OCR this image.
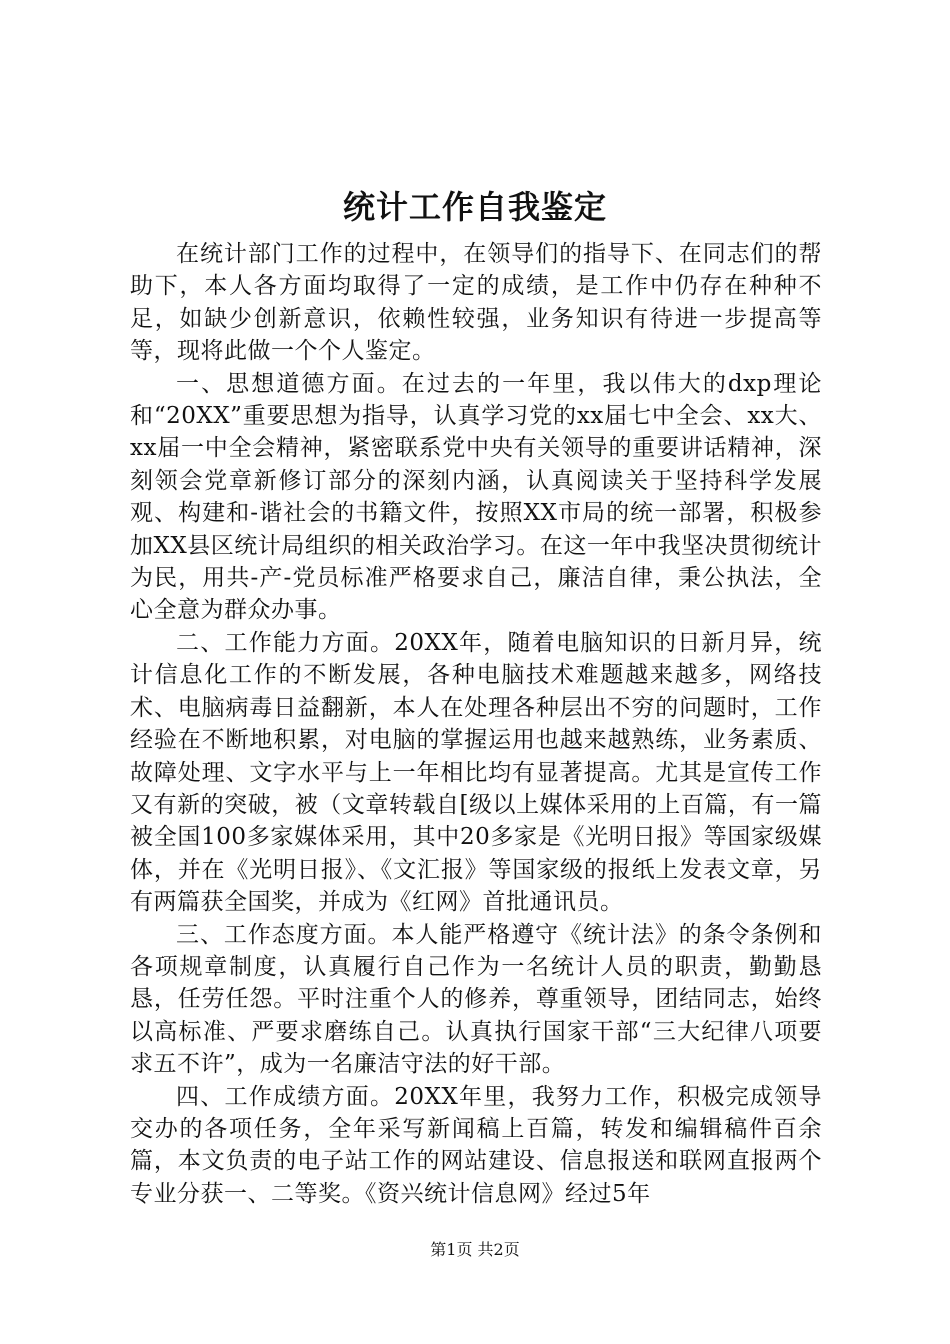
统计工作自我鉴定

在统计部门工作的过程中，在领导们的指导下、在同志们的帮助下，本人各方面均取得了一定的成绩，是工作中仍存在种种不足，如缺少创新意识，依赖性较强，业务知识有待进一步提高等等，现将此做一个个人鉴定。

一、思想道德方面。在过去的一年里，我以伟大的dxp理论和“20XX”重要思想为指导，认真学习党的xx届七中全会、xx大、xx届一中全会精神，紧密联系党中央有关领导的重要讲话精神，深刻领会党章新修订部分的深刻内涵，认真阅读关于坚持科学发展观、构建和-谐社会的书籍文件，按照XX市局的统一部署，积极参加XX县区统计局组织的相关政治学习。在这一年中我坚决贯彻统计为民，用共-产-党员标准严格要求自己，廉洁自律，秉公执法，全心全意为群众办事。

二、工作能力方面。20XX年，随着电脑知识的日新月异，统计信息化工作的不断发展，各种电脑技术难题越来越多，网络技术、电脑病毒日益翻新，本人在处理各种层出不穷的问题时，工作经验在不断地积累，对电脑的掌握运用也越来越熟练，业务素质、故障处理、文字水平与上一年相比均有显著提高。尤其是宣传工作又有新的突破，被（文章转载自[级以上媒体采用的上百篇，有一篇被全国100多家媒体采用，其中20多家是《光明日报》等国家级媒体，并在《光明日报》、《文汇报》等国家级的报纸上发表文章，另有两篇获全国奖，并成为《红网》首批通讯员。

三、工作态度方面。本人能严格遵守《统计法》的条令条例和各项规章制度，认真履行自己作为一名统计人员的职责，勤勤恳恳，任劳任怨。平时注重个人的修养，尊重领导，团结同志，始终以高标准、严要求磨练自己。认真执行国家干部“三大纪律八项要求五不许”，成为一名廉洁守法的好干部。

四、工作成绩方面。20XX年里，我努力工作，积极完成领导交办的各项任务，全年采写新闻稿上百篇，转发和编辑稿件百余篇，本文负责的电子站工作的网站建设、信息报送和联网直报两个专业分获一、二等奖。《资兴统计信息网》经过5年

第1页 共2页
